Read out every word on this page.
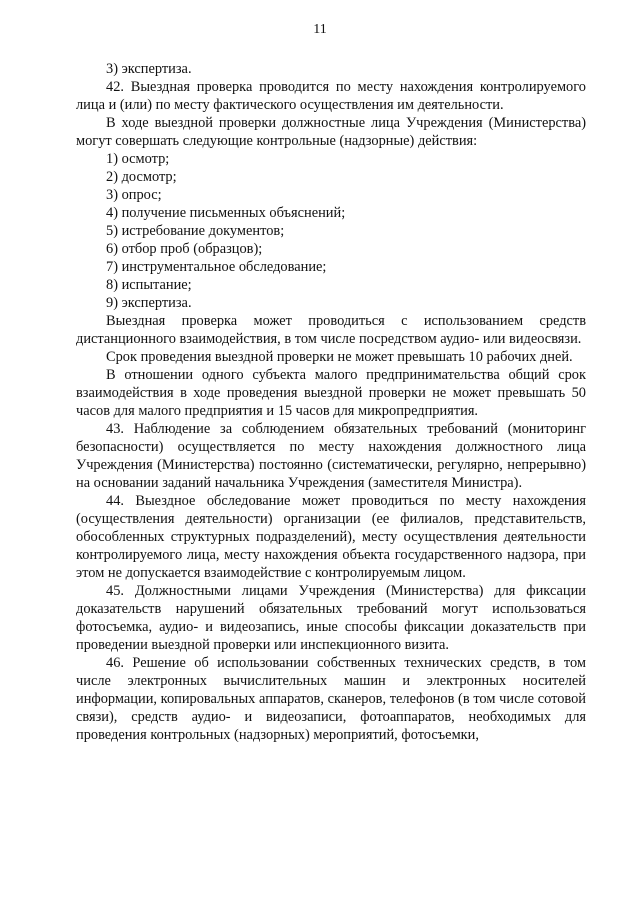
11

3) экспертиза.

42. Выездная проверка проводится по месту нахождения контролируемого лица и (или) по месту фактического осуществления им деятельности.

В ходе выездной проверки должностные лица Учреждения (Министерства) могут совершать следующие контрольные (надзорные) действия:

1) осмотр;

2) досмотр;

3) опрос;

4) получение письменных объяснений;

5) истребование документов;

6) отбор проб (образцов);

7) инструментальное обследование;

8) испытание;

9) экспертиза.

Выездная проверка может проводиться с использованием средств дистанционного взаимодействия, в том числе посредством аудио- или видеосвязи.

Срок проведения выездной проверки не может превышать 10 рабочих дней.

В отношении одного субъекта малого предпринимательства общий срок взаимодействия в ходе проведения выездной проверки не может превышать 50 часов для малого предприятия и 15 часов для микропредприятия.

43. Наблюдение за соблюдением обязательных требований (мониторинг безопасности) осуществляется по месту нахождения должностного лица Учреждения (Министерства) постоянно (систематически, регулярно, непрерывно) на основании заданий начальника Учреждения (заместителя Министра).

44. Выездное обследование может проводиться по месту нахождения (осуществления деятельности) организации (ее филиалов, представительств, обособленных структурных подразделений), месту осуществления деятельности контролируемого лица, месту нахождения объекта государственного надзора, при этом не допускается взаимодействие с контролируемым лицом.

45. Должностными лицами Учреждения (Министерства) для фиксации доказательств нарушений обязательных требований могут использоваться фотосъемка, аудио- и видеозапись, иные способы фиксации доказательств при проведении выездной проверки или инспекционного визита.

46. Решение об использовании собственных технических средств, в том числе электронных вычислительных машин и электронных носителей информации, копировальных аппаратов, сканеров, телефонов (в том числе сотовой связи), средств аудио- и видеозаписи, фотоаппаратов, необходимых для проведения контрольных (надзорных) мероприятий, фотосъемки,
